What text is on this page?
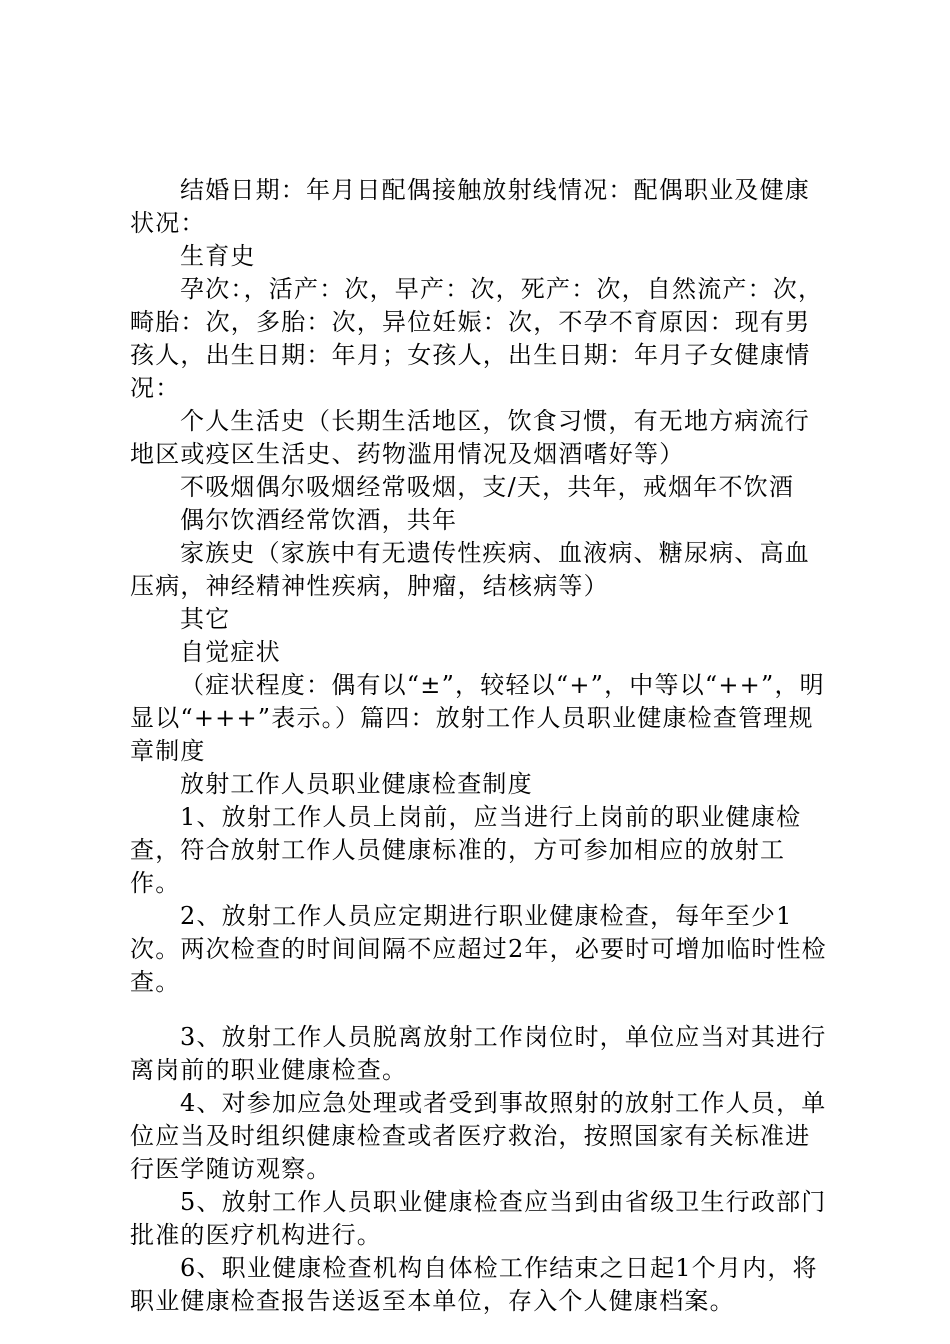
结婚日期：年月日配偶接触放射线情况：配偶职业及健康状况：

生育史

孕次：，活产：次，早产：次，死产：次，自然流产：次，畸胎：次，多胎：次，异位妊娠：次，不孕不育原因：现有男孩人，出生日期：年月；女孩人，出生日期：年月子女健康情况：

个人生活史（长期生活地区，饮食习惯，有无地方病流行地区或疫区生活史、药物滥用情况及烟酒嗜好等）

不吸烟偶尔吸烟经常吸烟，支/天，共年，戒烟年不饮酒

偶尔饮酒经常饮酒，共年

家族史（家族中有无遗传性疾病、血液病、糖尿病、高血压病，神经精神性疾病，肿瘤，结核病等）

其它

自觉症状

（症状程度：偶有以“±”，较轻以“+”，中等以“++”，明显以“+++”表示。）篇四：放射工作人员职业健康检查管理规章制度

放射工作人员职业健康检查制度

1、放射工作人员上岗前，应当进行上岗前的职业健康检查，符合放射工作人员健康标准的，方可参加相应的放射工作。

2、放射工作人员应定期进行职业健康检查，每年至少1次。两次检查的时间间隔不应超过2年，必要时可增加临时性检查。

3、放射工作人员脱离放射工作岗位时，单位应当对其进行离岗前的职业健康检查。

4、对参加应急处理或者受到事故照射的放射工作人员，单位应当及时组织健康检查或者医疗救治，按照国家有关标准进行医学随访观察。

5、放射工作人员职业健康检查应当到由省级卫生行政部门批准的医疗机构进行。

6、职业健康检查机构自体检工作结束之日起1个月内，将职业健康检查报告送返至本单位，存入个人健康档案。
